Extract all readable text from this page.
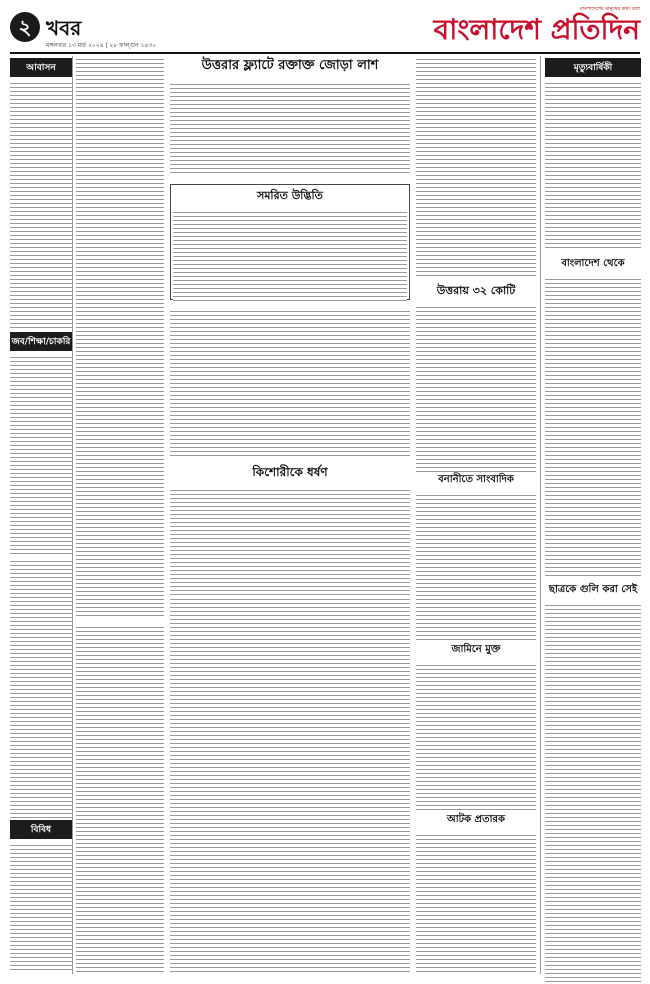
২ খবর
মঙ্গলবার ১৩ মার্চ ২০২৪ | ২৮ ফাল্গুন ১৪৩০
বাংলাদেশের মানুষের কথা বলে
বাংলাদেশ প্রতিদিন
আবাসন
জব/শিক্ষা/চাকরি
বিবিধ
উত্তরার ফ্ল্যাটে রক্তাক্ত জোড়া লাশ
সমরিত উদ্ভিতি
কিশোরীকে ধর্ষণ
উত্তরায় ৩২ কোটি
বনানীতে সাংবাদিক
জামিনে মুক্ত
আটক প্রতারক
মৃত্যুবার্ষিকী
বাংলাদেশ থেকে
ছাত্রকে গুলি করা সেই
